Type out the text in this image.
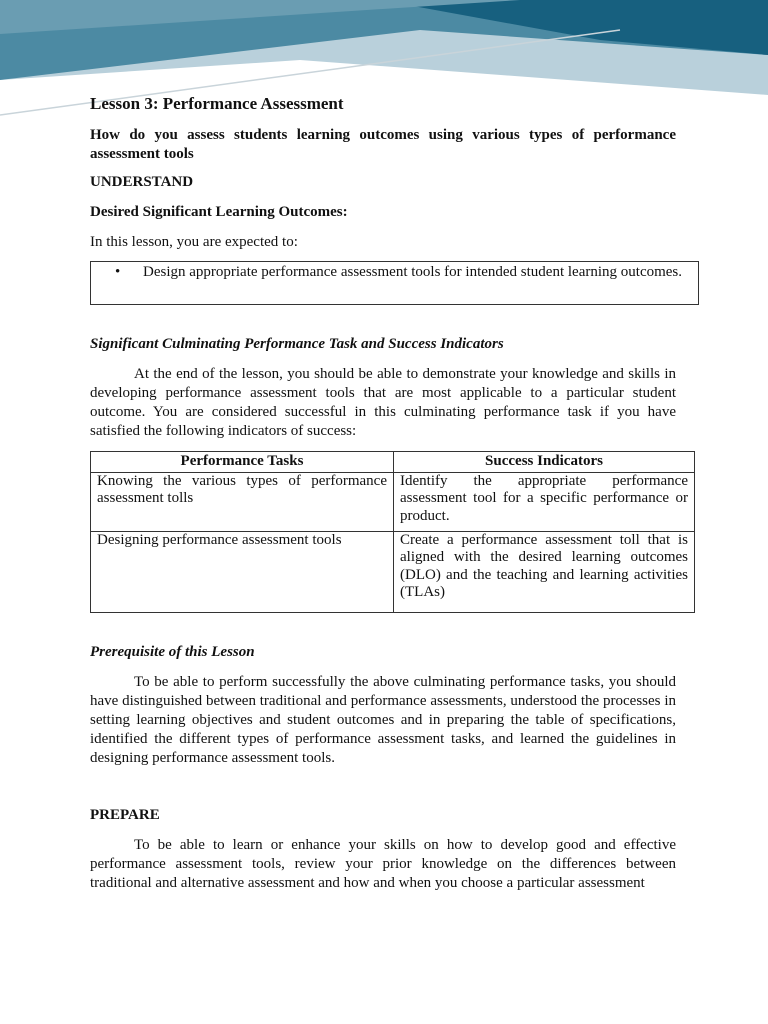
Lesson 3: Performance Assessment

How do you assess students learning outcomes using various types of performance assessment tools

UNDERSTAND

Desired Significant Learning Outcomes:

In this lesson, you are expected to:

• Design appropriate performance assessment tools for intended student learning outcomes.

Significant Culminating Performance Task and Success Indicators

At the end of the lesson, you should be able to demonstrate your knowledge and skills in developing performance assessment tools that are most applicable to a particular student outcome. You are considered successful in this culminating performance task if you have satisfied the following indicators of success:

Performance Tasks	Success Indicators
Knowing the various types of performance assessment tolls	Identify the appropriate performance assessment tool for a specific performance or product.
Designing performance assessment tools	Create a performance assessment toll that is aligned with the desired learning outcomes (DLO) and the teaching and learning activities (TLAs)

Prerequisite of this Lesson

To be able to perform successfully the above culminating performance tasks, you should have distinguished between traditional and performance assessments, understood the processes in setting learning objectives and student outcomes and in preparing the table of specifications, identified the different types of performance assessment tasks, and learned the guidelines in designing performance assessment tools.

PREPARE

To be able to learn or enhance your skills on how to develop good and effective performance assessment tools, review your prior knowledge on the differences between traditional and alternative assessment and how and when you choose a particular assessment
